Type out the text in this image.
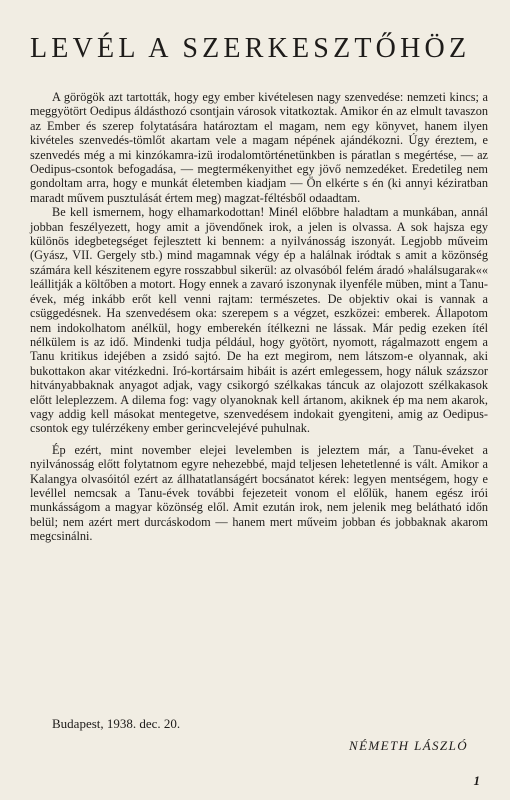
LEVÉL A SZERKESZTŐHÖZ

A görögök azt tartották, hogy egy ember kivételesen nagy szenvedése: nemzeti kincs; a meggyötört Oedipus áldásthozó csontjain városok vitatkoztak. Amikor én az elmult tavaszon az Ember és szerep folytatására határoztam el magam, nem egy könyvet, hanem ilyen kivételes szenvedés-tömlőt akartam vele a magam népének ajándékozni. Úgy éreztem, e szenvedés még a mi kinzókamra-izü irodalomtörténetünkben is páratlan s megértése, — az Oedipus-csontok befogadása, — megtermékenyithet egy jövő nemzedéket. Eredetileg nem gondoltam arra, hogy e munkát életemben kiadjam — Ön elkérte s én (ki annyi kéziratban maradt művem pusztulását értem meg) magzat-féltésből odaadtam.

Be kell ismernem, hogy elhamarkodottan! Minél előbbre haladtam a munkában, annál jobban feszélyezett, hogy amit a jövendőnek irok, a jelen is olvassa. A sok hajsza egy különös idegbetegséget fejlesztett ki bennem: a nyilvánosság iszonyát. Legjobb műveim (Gyász, VII. Gergely stb.) mind magamnak végy ép a halálnak iródtak s amit a közönség számára kell készitenem egyre rosszabbul sikerül: az olvasóból felém áradó »halálsugarak«« leállitják a költőben a motort. Hogy ennek a zavaró iszonynak ilyenféle müben, mint a Tanu-évek, még inkább erőt kell venni rajtam: természetes. De objektiv okai is vannak a csüggedésnek. Ha szenvedésem oka: szerepem s a végzet, eszközei: emberek. Állapotom nem indokolhatom anélkül, hogy emberekén ítélkezni ne lássak. Már pedig ezeken ítél nélkülem is az idő. Mindenki tudja például, hogy gyötört, nyomott, rágalmazott engem a Tanu kritikus idejében a zsidó sajtó. De ha ezt megirom, nem látszom-e olyannak, aki bukottakon akar vitézkedni. Iró-kortársaim hibáit is azért emlegessem, hogy náluk százszor hitványabbaknak anyagot adjak, vagy csikorgó szélkakas táncuk az olajozott szélkakasok előtt leleplezzem. A dilema fog: vagy olyanoknak kell ártanom, akiknek ép ma nem akarok, vagy addig kell másokat mentegetve, szenvedésem indokait gyengiteni, amig az Oedipus-csontok egy tulérzékeny ember gerincvelejévé puhulnak.

Ép ezért, mint november elejei levelemben is jeleztem már, a Tanu-éveket a nyilvánosság előtt folytatnom egyre nehezebbé, majd teljesen lehetetlenné is vált. Amikor a Kalangya olvasóitól ezért az állhatatlanságért bocsánatot kérek: legyen mentségem, hogy e levéllel nemcsak a Tanu-évek további fejezeteit vonom el előlük, hanem egész irói munkásságom a magyar közönség elől. Amit ezután irok, nem jelenik meg belátható időn belül; nem azért mert durcáskodom — hanem mert műveim jobban és jobbaknak akarom megcsinálni.

Budapest, 1938. dec. 20.
NÉMETH LÁSZLÓ
1
